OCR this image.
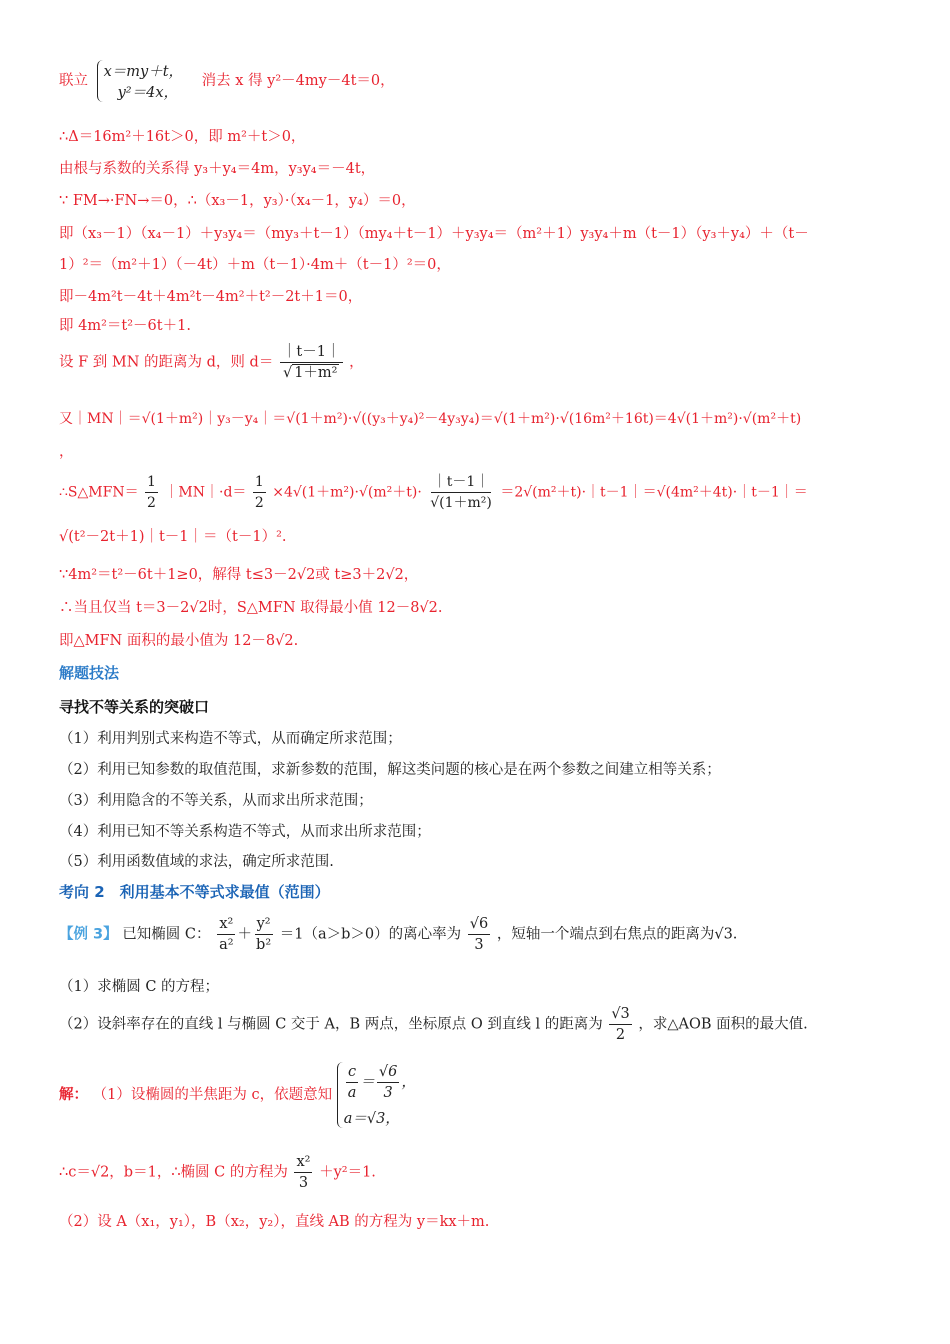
联立
x＝my＋t，
y²＝4x，
消去 x 得 y²－4my－4t＝0，
∴Δ＝16m²＋16t＞0，即 m²＋t＞0，
由根与系数的关系得 y₃＋y₄＝4m，y₃y₄＝－4t，
∵ FM→·FN→＝0，∴（x₃－1，y₃）·（x₄－1，y₄）＝0，
即（x₃－1）（x₄－1）＋y₃y₄＝（my₃＋t－1）（my₄＋t－1）＋y₃y₄＝（m²＋1）y₃y₄＋m（t－1）（y₃＋y₄）＋（t－
1）²＝（m²＋1）（－4t）＋m（t－1）·4m＋（t－1）²＝0，
即－4m²t－4t＋4m²t－4m²＋t²－2t＋1＝0，
即 4m²＝t²－6t＋1.
设 F 到 MN 的距离为 d，则 $d= \frac{|t-1|}{\text{√ 1＋m²}}$ ，
又｜MN｜＝√(1＋m²)｜y₃－y₄｜＝√(1＋m²)·√((y₃＋y₄)²－4y₃y₄)＝√(1＋m²)·√(16m²＋16t)＝4√(1＋m²)·√(m²＋t)
，
∴S△MFN＝ $\frac{1}{2}$ ｜MN｜·d＝ $\frac{1}{2} \times 4√(1+m^2)\cdot√(m^2+t)\cdot \frac{|t-1|}{\text{√(1＋m²)}}$ ＝2√(m²＋t)·｜t－1｜＝√(4m²＋4t)·｜t－1｜＝
√(t²－2t＋1)｜t－1｜＝（t－1）².
∵4m²＝t²－6t＋1≥0，解得 t≤3－2√2或 t≥3＋2√2，
∴当且仅当 t＝3－2√2时，S△MFN 取得最小值 12－8√2.
即△MFN 面积的最小值为 12－8√2.
解题技法
寻找不等关系的突破口
（1）利用判别式来构造不等式，从而确定所求范围；
（2）利用已知参数的取值范围，求新参数的范围，解这类问题的核心是在两个参数之间建立相等关系；
（3）利用隐含的不等关系，从而求出所求范围；
（4）利用已知不等关系构造不等式，从而求出所求范围；
（5）利用函数值域的求法，确定所求范围.
考向 2　利用基本不等式求最值（范围）
【例 3】 已知椭圆 C： $\frac{\text{x²}}{\text{a²}} + \frac{\text{y²}}{\text{b²}} =1(a>b>0)$的离心率为 $\frac{√6}{3}$ ，短轴一个端点到右焦点的距离为√3.
（1）求椭圆 C 的方程；
（2）设斜率存在的直线 l 与椭圆 C 交于 A，B 两点，坐标原点 O 到直线 l 的距离为 $\frac{√3}{2}$ ，求△AOB 面积的最大值.
解： （1）设椭圆的半焦距为 c，依题意知 $\frac{c}{a} = \frac{√6}{3}$ ，
a＝√3，
∴c＝√2，b＝1，∴椭圆 C 的方程为 $\frac{\text{x²}}{3} +y^2=1$.
（2）设 A（x₁，y₁），B（x₂，y₂），直线 AB 的方程为 y＝kx＋m.
